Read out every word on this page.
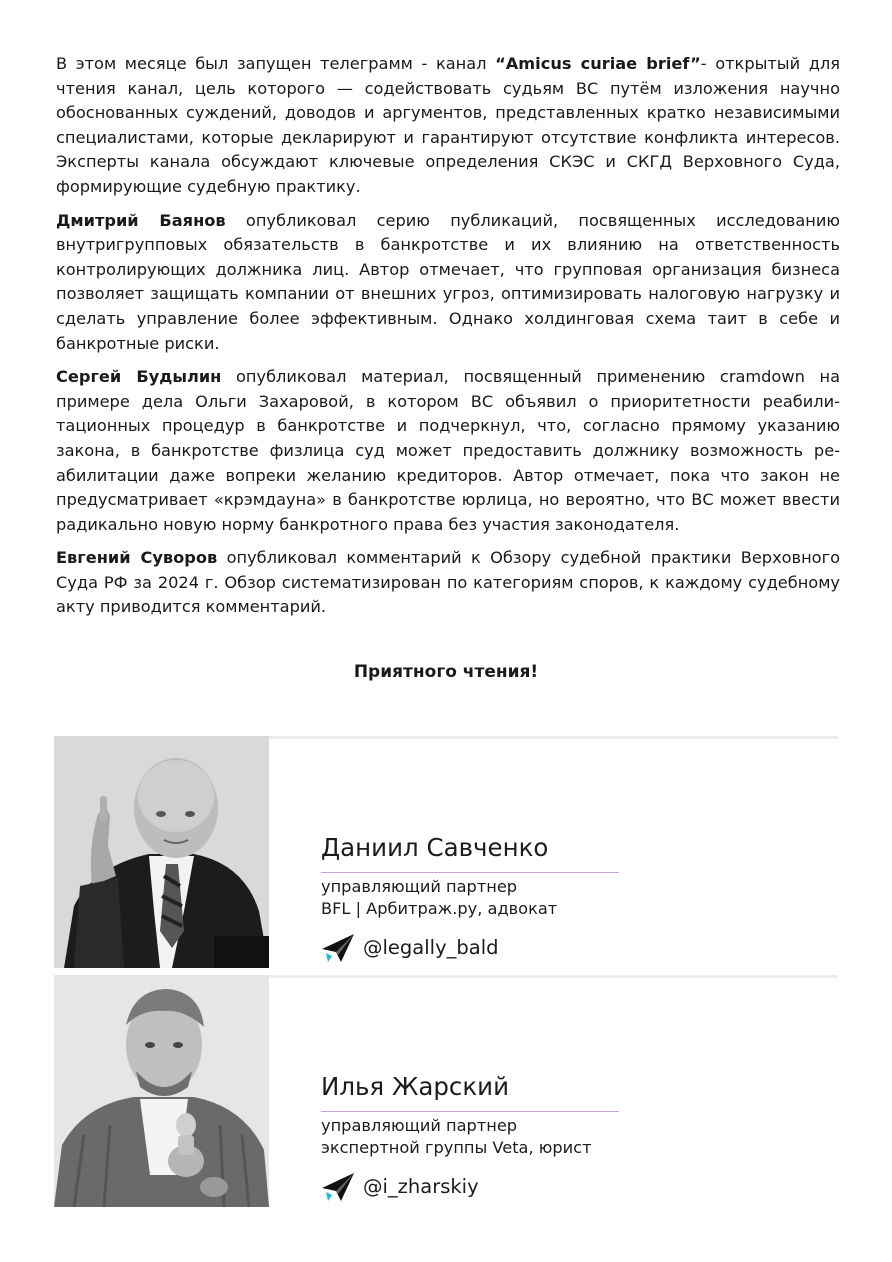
В этом месяце был запущен телеграмм - канал “Amicus curiae brief”- открытый для чтения канал, цель которого — содействовать судьям ВС путём изложения научно обоснованных суждений, доводов и аргументов, представленных кратко независимыми специалистами, которые декларируют и гарантируют отсутствие конфликта интересов. Эксперты канала обсуждают ключевые определения СКЭС и СКГД Верховного Суда, формирующие судебную практику.

Дмитрий Баянов опубликовал серию публикаций, посвященных исследованию внутригрупповых обязательств в банкротстве и их влиянию на ответственность контролирующих должника лиц. Автор отмечает, что групповая организация бизнеса позволяет защищать компании от внешних угроз, оптимизировать налоговую нагрузку и сделать управление более эффективным. Однако холдинговая схема таит в себе и банкротные риски.

Сергей Будылин опубликовал материал, посвященный применению cramdown на примере дела Ольги Захаровой, в котором ВС объявил о приоритетности реабилитационных процедур в банкротстве и подчеркнул, что, согласно прямому указанию закона, в банкротстве физлица суд может предоставить должнику возможность реабилитации даже вопреки желанию кредиторов. Автор отмечает, пока что закон не предусматривает «крэмдауна» в банкротстве юрлица, но вероятно, что ВС может ввести радикально новую норму банкротного права без участия законодателя.

Евгений Суворов опубликовал комментарий к Обзору судебной практики Верховного Суда РФ за 2024 г. Обзор систематизирован по категориям споров, к каждому судебному акту приводится комментарий.

Приятного чтения!
Даниил Савченко
управляющий партнер
BFL | Арбитраж.ру, адвокат
@legally_bald
Илья Жарский
управляющий партнер
экспертной группы Veta, юрист
@i_zharskiy
